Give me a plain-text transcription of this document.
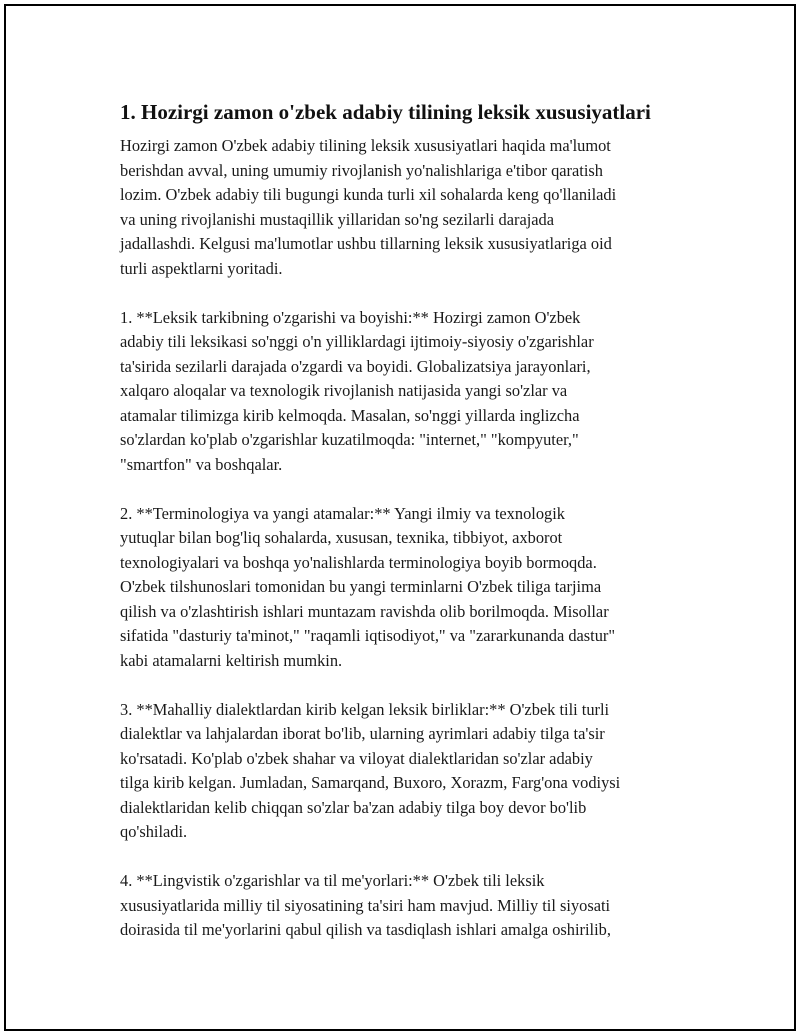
1. Hozirgi zamon o'zbek adabiy tilining leksik xususiyatlari

Hozirgi zamon O'zbek adabiy tilining leksik xususiyatlari haqida ma'lumot
berishdan avval, uning umumiy rivojlanish yo'nalishlariga e'tibor qaratish
lozim. O'zbek adabiy tili bugungi kunda turli xil sohalarda keng qo'llaniladi
va uning rivojlanishi mustaqillik yillaridan so'ng sezilarli darajada
jadallashdi. Kelgusi ma'lumotlar ushbu tillarning leksik xususiyatlariga oid
turli aspektlarni yoritadi.

1. **Leksik tarkibning o'zgarishi va boyishi:** Hozirgi zamon O'zbek
adabiy tili leksikasi so'nggi o'n yilliklardagi ijtimoiy-siyosiy o'zgarishlar
ta'sirida sezilarli darajada o'zgardi va boyidi. Globalizatsiya jarayonlari,
xalqaro aloqalar va texnologik rivojlanish natijasida yangi so'zlar va
atamalar tilimizga kirib kelmoqda. Masalan, so'nggi yillarda inglizcha
so'zlardan ko'plab o'zgarishlar kuzatilmoqda: "internet," "kompyuter,"
"smartfon" va boshqalar.

2. **Terminologiya va yangi atamalar:** Yangi ilmiy va texnologik
yutuqlar bilan bog'liq sohalarda, xususan, texnika, tibbiyot, axborot
texnologiyalari va boshqa yo'nalishlarda terminologiya boyib bormoqda.
O'zbek tilshunoslari tomonidan bu yangi terminlarni O'zbek tiliga tarjima
qilish va o'zlashtirish ishlari muntazam ravishda olib borilmoqda. Misollar
sifatida "dasturiy ta'minot," "raqamli iqtisodiyot," va "zararkunanda dastur"
kabi atamalarni keltirish mumkin.

3. **Mahalliy dialektlardan kirib kelgan leksik birliklar:** O'zbek tili turli
dialektlar va lahjalardan iborat bo'lib, ularning ayrimlari adabiy tilga ta'sir
ko'rsatadi. Ko'plab o'zbek shahar va viloyat dialektlaridan so'zlar adabiy
tilga kirib kelgan. Jumladan, Samarqand, Buxoro, Xorazm, Farg'ona vodiysi
dialektlaridan kelib chiqqan so'zlar ba'zan adabiy tilga boy devor bo'lib
qo'shiladi.

4. **Lingvistik o'zgarishlar va til me'yorlari:** O'zbek tili leksik
xususiyatlarida milliy til siyosatining ta'siri ham mavjud. Milliy til siyosati
doirasida til me'yorlarini qabul qilish va tasdiqlash ishlari amalga oshirilib,
